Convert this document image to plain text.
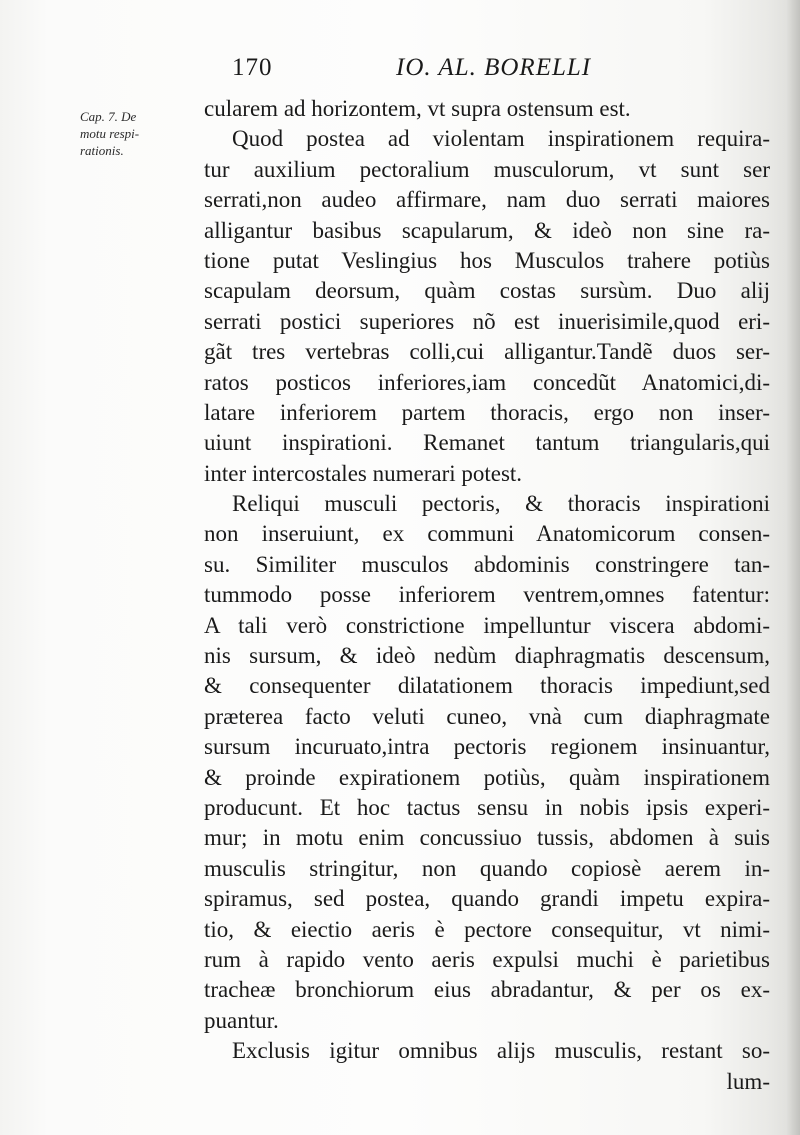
170	IO. AL. BORELLI
Cap. 7. De
motu respi-
rationis.
cularem ad horizontem, vt supra ostensum est.
Quod postea ad violentam inspirationem requira-
tur auxilium pectoralium musculorum, vt sunt ser
serrati,non audeo affirmare, nam duo serrati maiores
alligantur basibus scapularum, & ideò non sine ra-
tione putat Veslingius hos Musculos trahere potiùs
scapulam deorsum, quàm costas sursùm. Duo alij
serrati postici superiores nõ est inuerisimile,quod eri-
gãt tres vertebras colli,cui alligantur.Tandẽ duos ser-
ratos posticos inferiores,iam concedũt Anatomici,di-
latare inferiorem partem thoracis, ergo non inser-
uiunt inspirationi. Remanet tantum triangularis,qui
inter intercostales numerari potest.
Reliqui musculi pectoris, & thoracis inspirationi
non inseruiunt, ex communi Anatomicorum consen-
su. Similiter musculos abdominis constringere tan-
tummodo posse inferiorem ventrem,omnes fatentur:
A tali verò constrictione impelluntur viscera abdomi-
nis sursum, & ideò nedùm diaphragmatis descensum,
& consequenter dilatationem thoracis impediunt,sed
præterea facto veluti cuneo, vnà cum diaphragmate
sursum incuruato,intra pectoris regionem insinuantur,
& proinde expirationem potiùs, quàm inspirationem
producunt. Et hoc tactus sensu in nobis ipsis experi-
mur; in motu enim concussiuo tussis, abdomen à suis
musculis stringitur, non quando copiosè aerem in-
spiramus, sed postea, quando grandi impetu expira-
tio, & eiectio aeris è pectore consequitur, vt nimi-
rum à rapido vento aeris expulsi muchi è parietibus
tracheæ bronchiorum eius abradantur, & per os ex-
puantur.
Exclusis igitur omnibus alijs musculis, restant so-
lum-
